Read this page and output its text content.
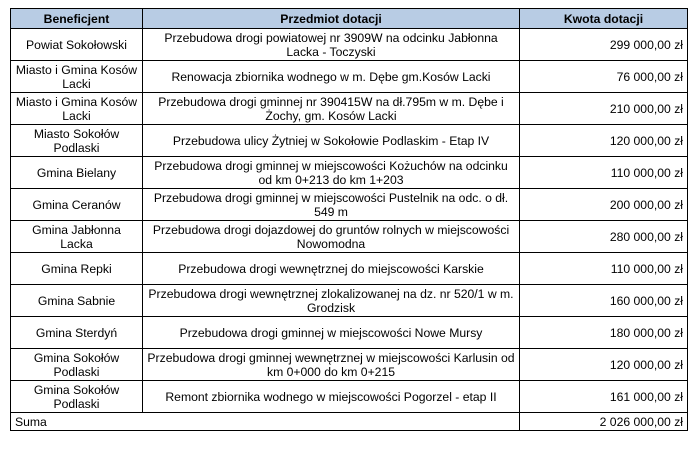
Beneficjent	Przedmiot dotacji	Kwota dotacji
Powiat Sokołowski	Przebudowa drogi powiatowej nr 3909W na odcinku Jabłonna Lacka - Toczyski	299 000,00 zł
Miasto i Gmina Kosów Lacki	Renowacja zbiornika wodnego w m. Dębe gm.Kosów Lacki	76 000,00 zł
Miasto i Gmina Kosów Lacki	Przebudowa drogi gminnej nr 390415W na dł.795m w m. Dębe i Żochy, gm. Kosów Lacki	210 000,00 zł
Miasto Sokołów Podlaski	Przebudowa ulicy Żytniej w Sokołowie Podlaskim - Etap IV	120 000,00 zł
Gmina Bielany	Przebudowa drogi gminnej w miejscowości Kożuchów na odcinku od km 0+213 do km 1+203	110 000,00 zł
Gmina Ceranów	Przebudowa drogi gminnej w miejscowości Pustelnik na odc. o dł. 549 m	200 000,00 zł
Gmina Jabłonna Lacka	Przebudowa drogi dojazdowej do gruntów rolnych w miejscowości Nowomodna	280 000,00 zł
Gmina Repki	Przebudowa drogi wewnętrznej do miejscowości Karskie	110 000,00 zł
Gmina Sabnie	Przebudowa drogi wewnętrznej zlokalizowanej na dz. nr 520/1 w m. Grodzisk	160 000,00 zł
Gmina Sterdyń	Przebudowa drogi gminnej w miejscowości Nowe Mursy	180 000,00 zł
Gmina Sokołów Podlaski	Przebudowa drogi gminnej wewnętrznej w miejscowości Karlusin od km 0+000 do km 0+215	120 000,00 zł
Gmina Sokołów Podlaski	Remont zbiornika wodnego w miejscowości Pogorzel - etap II	161 000,00 zł
Suma		2 026 000,00 zł
